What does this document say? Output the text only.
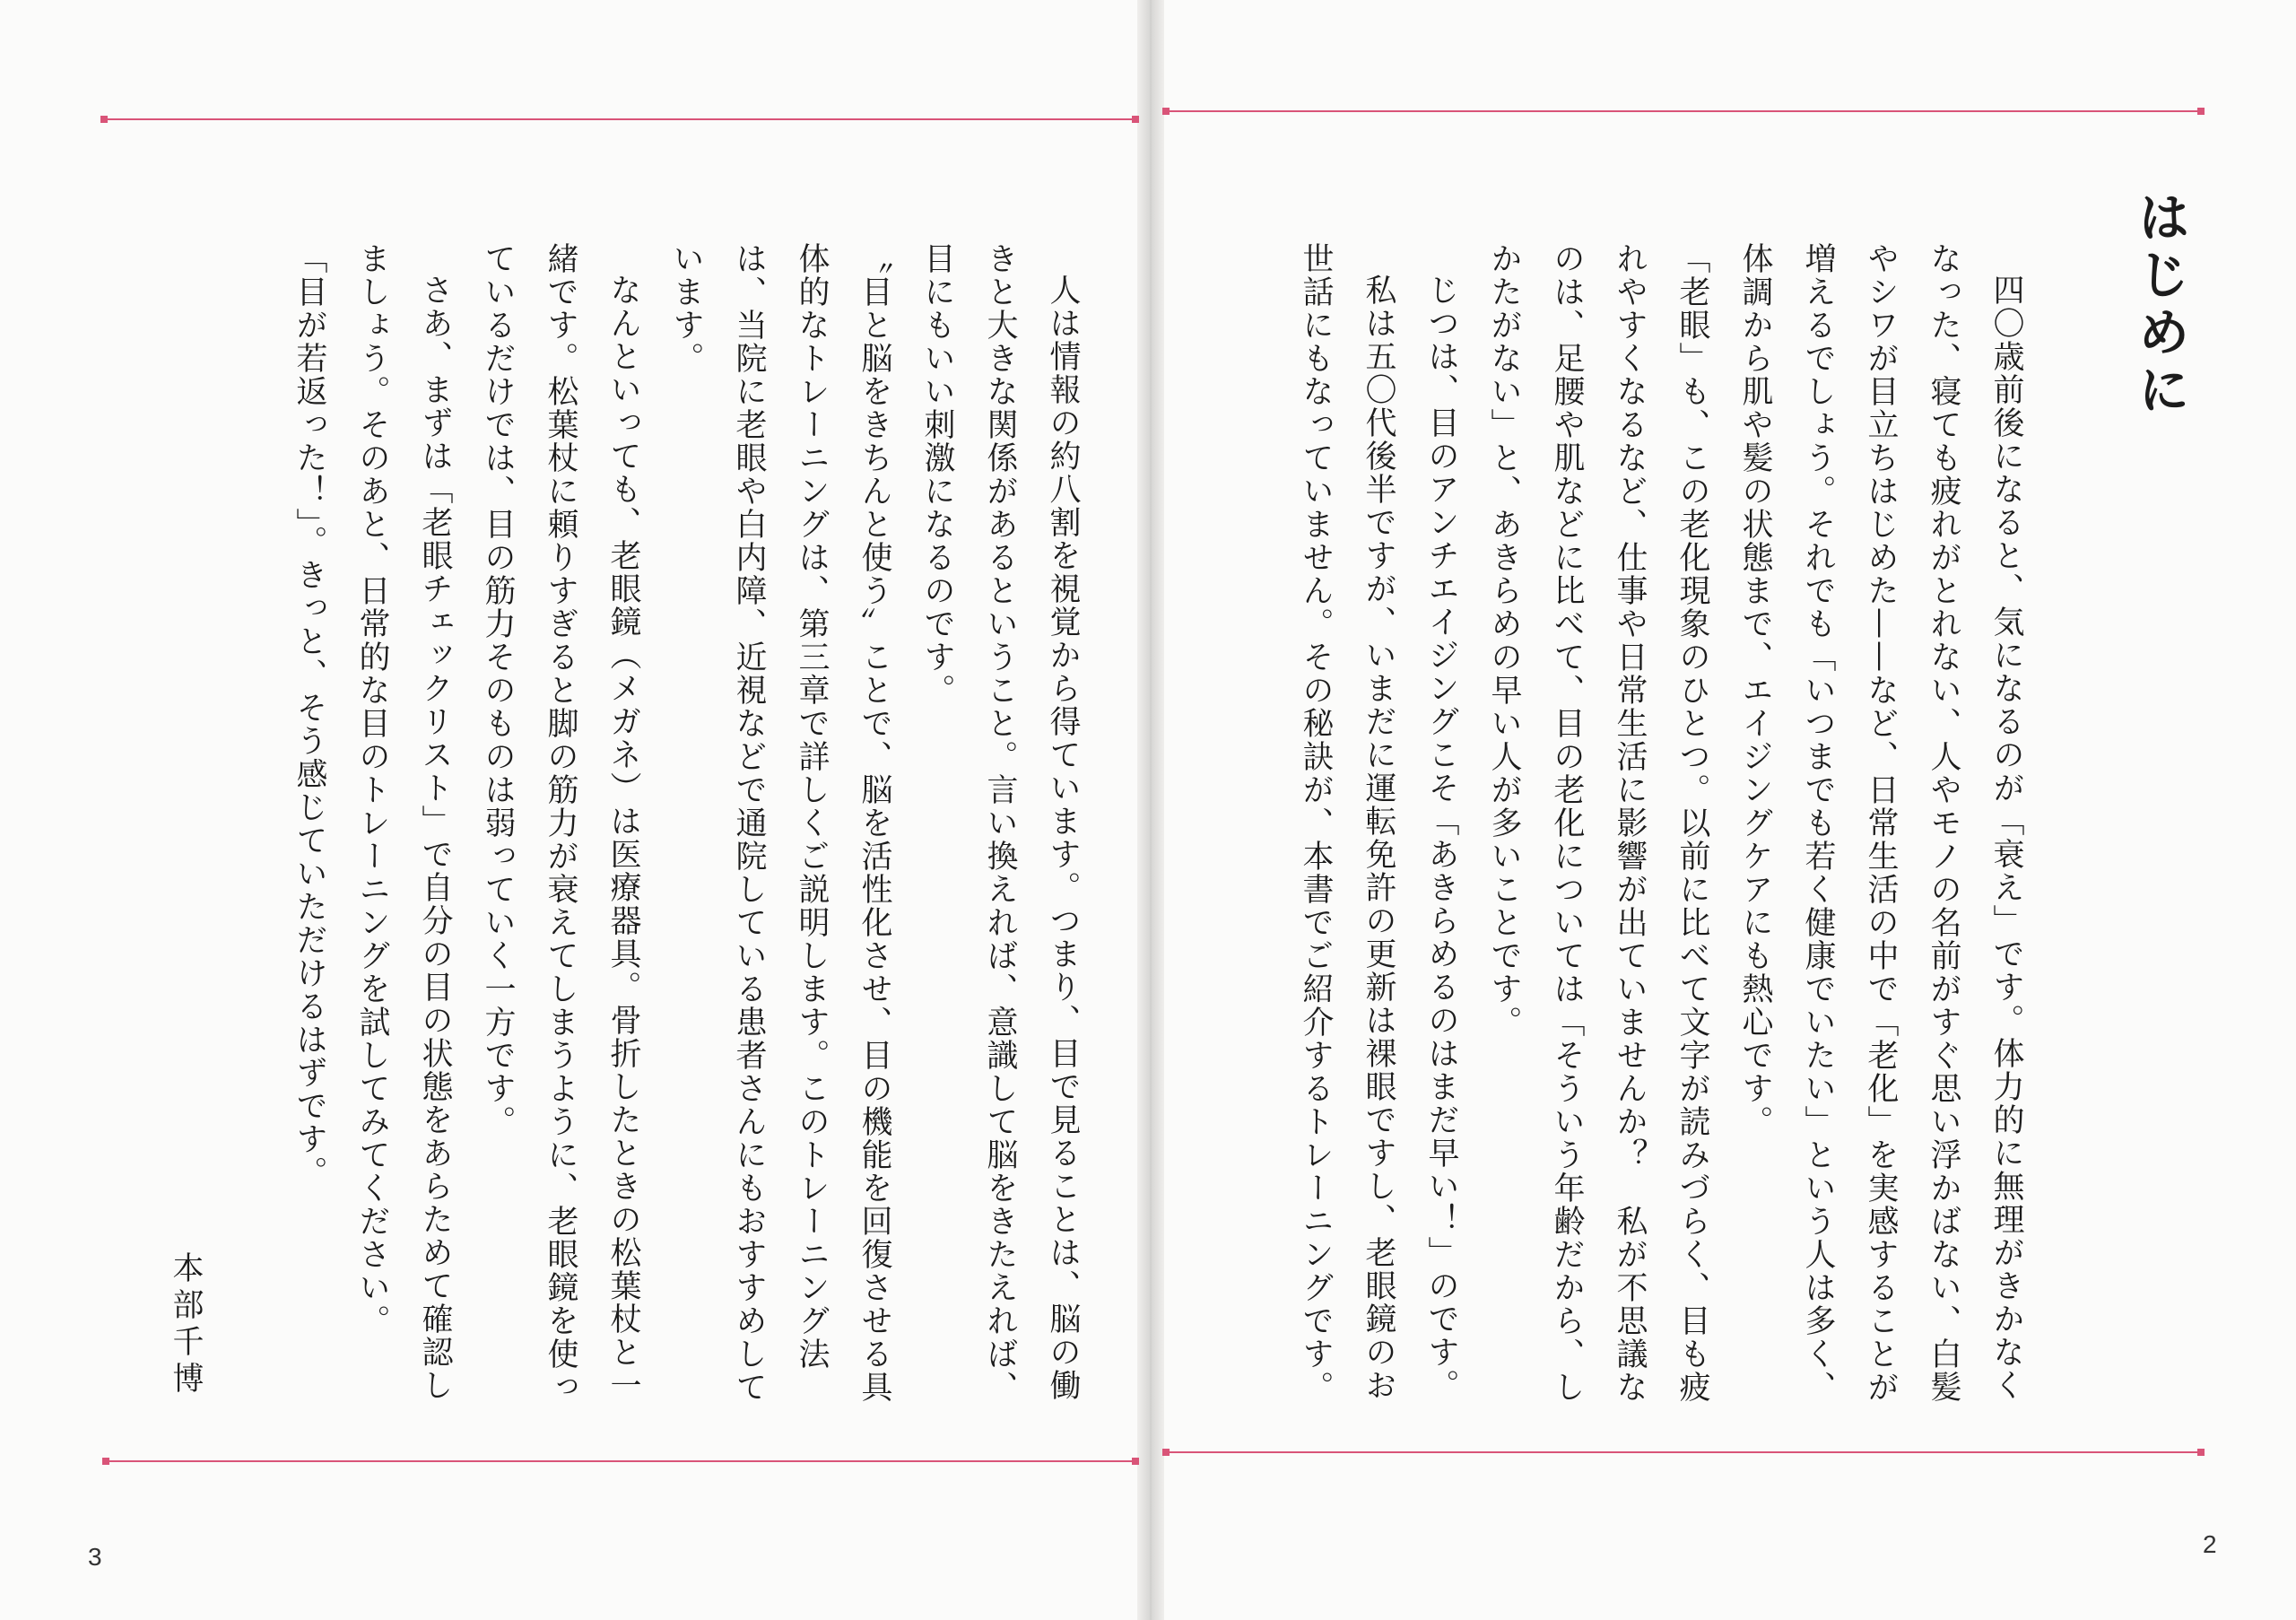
はじめに

四〇歳前後になると、気になるのが「衰え」です。体力的に無理がきかなくなった、寝ても疲れがとれない、人やモノの名前がすぐ思い浮かばない、白髪やシワが目立ちはじめた——など、日常生活の中で「老化」を実感することが増えるでしょう。それでも「いつまでも若く健康でいたい」という人は多く、体調から肌や髪の状態まで、エイジングケアにも熱心です。

「老眼」も、この老化現象のひとつ。以前に比べて文字が読みづらく、目も疲れやすくなるなど、仕事や日常生活に影響が出ていませんか？　私が不思議なのは、足腰や肌などに比べて、目の老化については「そういう年齢だから、しかたがない」と、あきらめの早い人が多いことです。

じつは、目のアンチエイジングこそ「あきらめるのはまだ早い！」のです。

私は五〇代後半ですが、いまだに運転免許の更新は裸眼ですし、老眼鏡のお世話にもなっていません。その秘訣が、本書でご紹介するトレーニングです。

人は情報の約八割を視覚から得ています。つまり、目で見ることは、脳の働きと大きな関係があるということ。言い換えれば、意識して脳をきたえれば、目にもいい刺激になるのです。

〝目と脳をきちんと使う〟ことで、脳を活性化させ、目の機能を回復させる具体的なトレーニングは、第三章で詳しくご説明します。このトレーニング法は、当院に老眼や白内障、近視などで通院している患者さんにもおすすめしています。

なんといっても、老眼鏡（メガネ）は医療器具。骨折したときの松葉杖と一緒です。松葉杖に頼りすぎると脚の筋力が衰えてしまうように、老眼鏡を使っているだけでは、目の筋力そのものは弱っていく一方です。

さあ、まずは「老眼チェックリスト」で自分の目の状態をあらためて確認しましょう。そのあと、日常的な目のトレーニングを試してみてください。

「目が若返った！」。きっと、そう感じていただけるはずです。

本部千博
3	2
